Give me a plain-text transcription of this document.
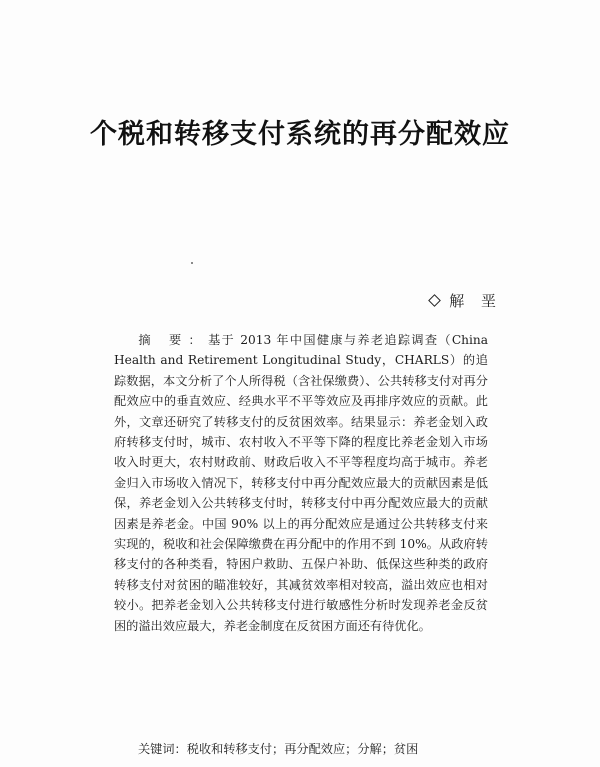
个税和转移支付系统的再分配效应
解 垩
摘 要：基于 2013 年中国健康与养老追踪调查（China Health and Retirement Longitudinal Study，CHARLS）的追踪数据，本文分析了个人所得税（含社保缴费）、公共转移支付对再分配效应中的垂直效应、经典水平不平等效应及再排序效应的贡献。此外，文章还研究了转移支付的反贫困效率。结果显示：养老金划入政府转移支付时，城市、农村收入不平等下降的程度比养老金划入市场收入时更大，农村财政前、财政后收入不平等程度均高于城市。养老金归入市场收入情况下，转移支付中再分配效应最大的贡献因素是低保，养老金划入公共转移支付时，转移支付中再分配效应最大的贡献因素是养老金。中国 90% 以上的再分配效应是通过公共转移支付来实现的，税收和社会保障缴费在再分配中的作用不到 10%。从政府转移支付的各种类看，特困户救助、五保户补助、低保这些种类的政府转移支付对贫困的瞄准较好，其减贫效率相对较高，溢出效应也相对较小。把养老金划入公共转移支付进行敏感性分析时发现养老金反贫困的溢出效应最大，养老金制度在反贫困方面还有待优化。
关键词：税收和转移支付；再分配效应；分解；贫困
